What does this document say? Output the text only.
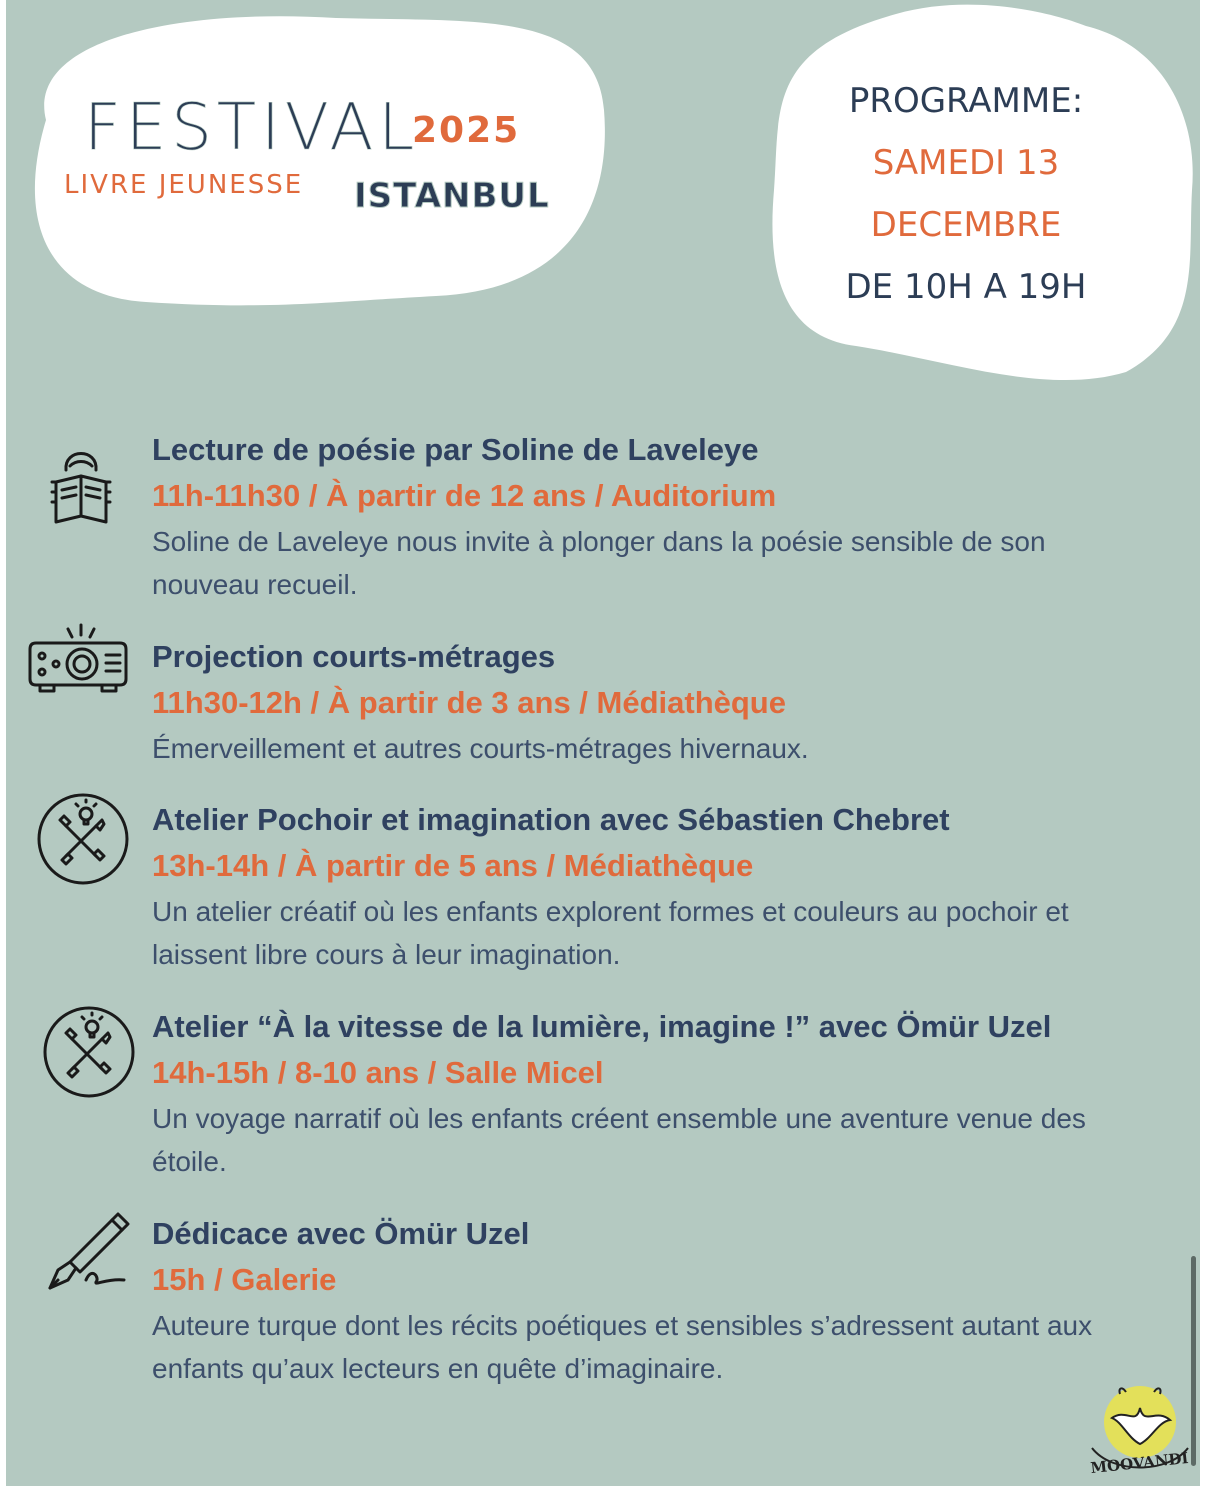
FESTIVAL
2025
LIVRE JEUNESSE ISTANBUL
PROGRAMME:
SAMEDI 13
DECEMBRE
DE 10H A 19H
Lecture de poésie par Soline de Laveleye
11h-11h30 / À partir de 12 ans / Auditorium
Soline de Laveleye nous invite à plonger dans la poésie sensible de son nouveau recueil.
Projection courts-métrages
11h30-12h / À partir de 3 ans / Médiathèque
Émerveillement et autres courts-métrages hivernaux.
Atelier Pochoir et imagination avec Sébastien Chebret
13h-14h / À partir de 5 ans / Médiathèque
Un atelier créatif où les enfants explorent formes et couleurs au pochoir et laissent libre cours à leur imagination.
Atelier “À la vitesse de la lumière, imagine !” avec Ömür Uzel
14h-15h / 8-10 ans / Salle Micel
Un voyage narratif où les enfants créent ensemble une aventure venue des étoile.
Dédicace avec Ömür Uzel
15h / Galerie
Auteure turque dont les récits poétiques et sensibles s’adressent autant aux enfants qu’aux lecteurs en quête d’imaginaire.
MOOVANDI
